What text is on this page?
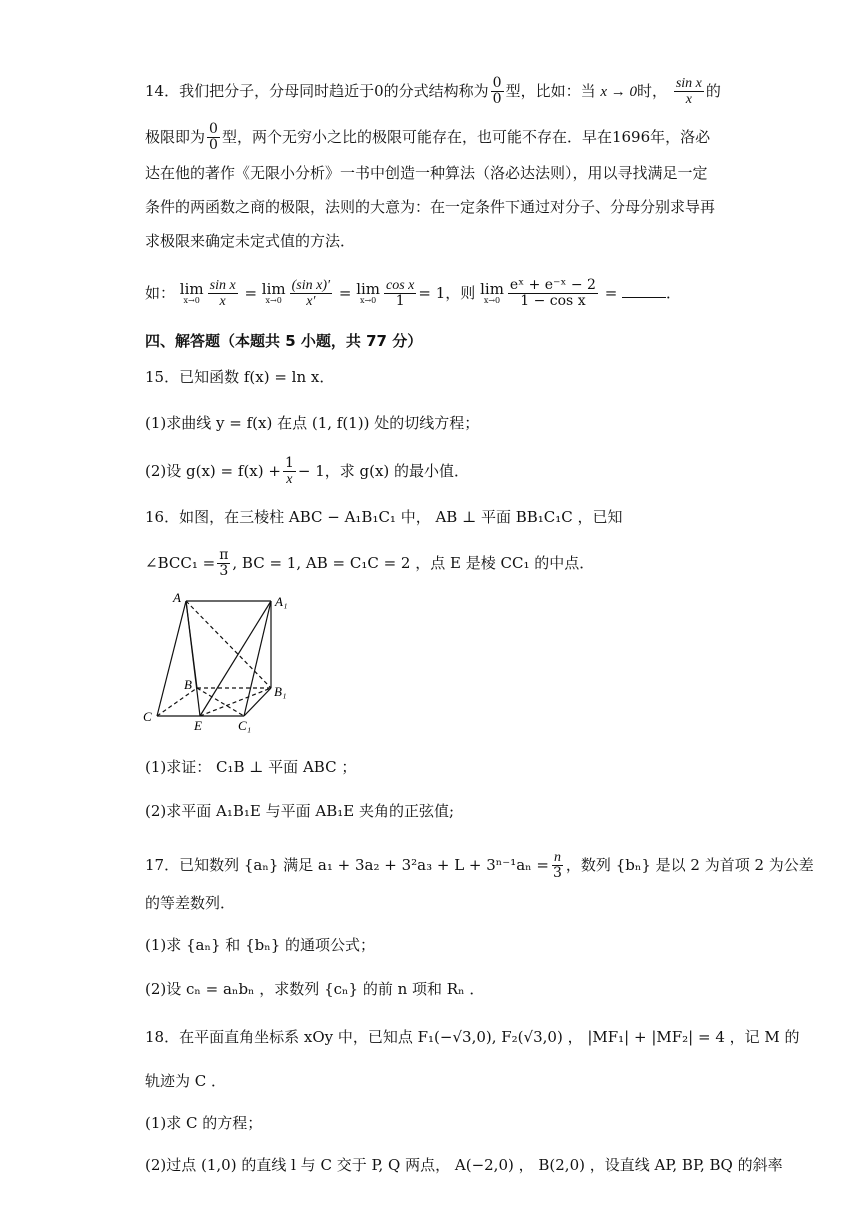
14．我们把分子，分母同时趋近于0的分式结构称为 $\frac{0}{0}$ 型，比如：当 x → 0时， $\frac{\text{sin x}}{x}$ 的
极限即为 $\frac{0}{0}$ 型，两个无穷小之比的极限可能存在，也可能不存在．早在1696年，洛必
达在他的著作《无限小分析》一书中创造一种算法（洛必达法则），用以寻找满足一定
条件的两函数之商的极限，法则的大意为：在一定条件下通过对分子、分母分别求导再
求极限来确定未定式值的方法．
如： lim
$x\to 0 \frac{\text{sin x}}{x} = \lim$
$x\to 0 \frac{\text{(sin x)′}}{x'} = \lim$
$x\to 0 \frac{\text{cos x}}{1} = 1$，则 lim
$x\to 0 \frac{\text{eˣ + e⁻ˣ − 2}}{\text{1 − cos x}}$ =	．
四、解答题（本题共 5 小题，共 77 分）
15．已知函数 f(x) = ln x．
(1)求曲线 y = f(x) 在点 (1, f(1)) 处的切线方程；
(2)设 $g(x) = f(x) + \frac{1}{x} - 1$，求 g(x) 的最小值．
16．如图，在三棱柱 ABC − A₁B₁C₁ 中， AB ⊥ 平面 BB₁C₁C ，已知
∠BCC₁ = $\frac{\pi}{3}$ , BC = 1, AB = C₁C = 2 ，点 E 是棱 CC₁ 的中点．
A	A₁
B	B₁
C
C₁
E
(1)求证： C₁B ⊥ 平面 ABC ；
(2)求平面 A₁B₁E 与平面 AB₁E 夹角的正弦值;
17．已知数列 {aₙ} 满足 $a_1 + 3a_2 + 3^2a_3 + L + 3^{n-1}a_n = \frac{n}{3}$ ，数列 {bₙ} 是以 2 为首项 2 为公差
的等差数列．
(1)求 {aₙ} 和 {bₙ} 的通项公式；
(2)设 cₙ = aₙbₙ ，求数列 {cₙ} 的前 n 项和 Rₙ ．
18．在平面直角坐标系 xOy 中，已知点 F₁(−√3,0), F₂(√3,0) ， |MF₁| + |MF₂| = 4 ，记 M 的
轨迹为 C ．
(1)求 C 的方程；
(2)过点 (1,0) 的直线 l 与 C 交于 P, Q 两点， A(−2,0) ， B(2,0) ，设直线 AP, BP, BQ 的斜率
